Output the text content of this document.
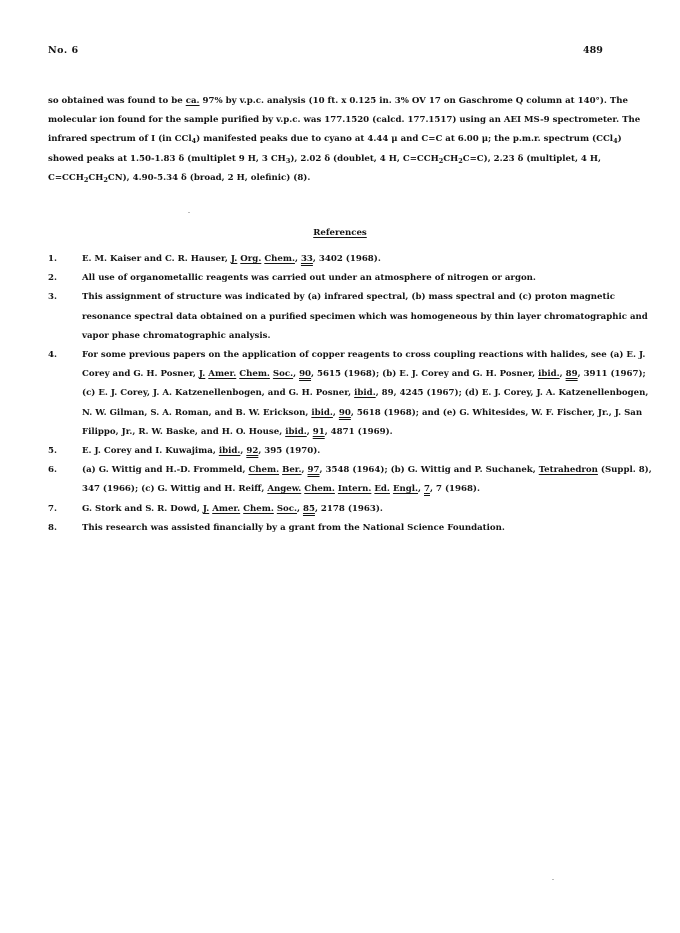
No. 6	489

so obtained was found to be ca. 97% by v.p.c. analysis (10 ft. x 0.125 in. 3% OV 17 on Gaschrome Q column at 140°). The molecular ion found for the sample purified by v.p.c. was 177.1520 (calcd. 177.1517) using an AEI MS-9 spectrometer. The infrared spectrum of I (in CCl$_4$) manifested peaks due to cyano at 4.44 μ and C=C at 6.00 μ; the p.m.r. spectrum (CCl$_4$) showed peaks at 1.50-1.83 δ (multiplet 9 H, 3 $CH_3$), 2.02 δ (doublet, 4 H, $C=CCH_2CH_2C=C$), 2.23 δ (multiplet, 4 H, $C=CCH_2CH_2CN$), 4.90-5.34 δ (broad, 2 H, olefinic) (8).

References
1.	E. M. Kaiser and C. R. Hauser, J. Org. Chem., 33, 3402 (1968).
2.	All use of organometallic reagents was carried out under an atmosphere of nitrogen or argon.
3.	This assignment of structure was indicated by (a) infrared spectral, (b) mass spectral and (c) proton magnetic resonance spectral data obtained on a purified specimen which was homogeneous by thin layer chromatographic and vapor phase chromatographic analysis.
4.	For some previous papers on the application of copper reagents to cross coupling reactions with halides, see (a) E. J. Corey and G. H. Posner, J. Amer. Chem. Soc., 90, 5615 (1968); (b) E. J. Corey and G. H. Posner, ibid., 89, 3911 (1967); (c) E. J. Corey, J. A. Katzenellenbogen, and G. H. Posner, ibid., 89, 4245 (1967); (d) E. J. Corey, J. A. Katzenellenbogen, N. W. Gilman, S. A. Roman, and B. W. Erickson, ibid., 90, 5618 (1968); and (e) G. Whitesides, W. F. Fischer, Jr., J. San Filippo, Jr., R. W. Baske, and H. O. House, ibid., 91, 4871 (1969).
5.	E. J. Corey and I. Kuwajima, ibid., 92, 395 (1970).
6.	(a) G. Wittig and H.-D. Frommeld, Chem. Ber., 97, 3548 (1964); (b) G. Wittig and P. Suchanek, Tetrahedron (Suppl. 8), 347 (1966); (c) G. Wittig and H. Reiff, Angew. Chem. Intern. Ed. Engl., 7, 7 (1968).
7.	G. Stork and S. R. Dowd, J. Amer. Chem. Soc., 85, 2178 (1963).
8.	This research was assisted financially by a grant from the National Science Foundation.
